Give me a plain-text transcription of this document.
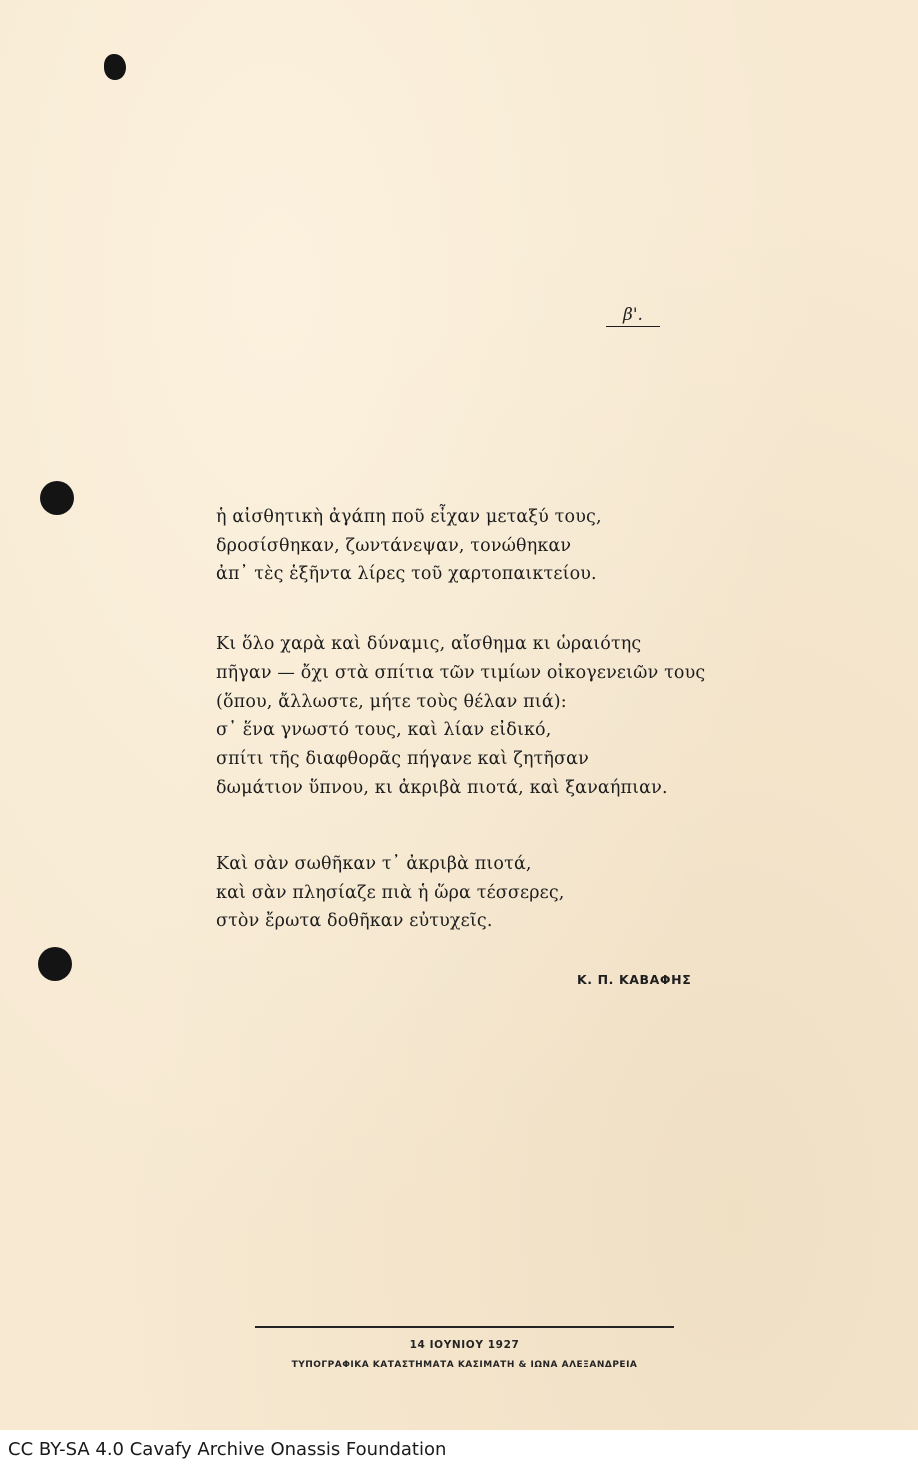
β'.
ἡ αἰσθητικὴ ἀγάπη ποῦ εἶχαν μεταξύ τους,
δροσίσθηκαν, ζωντάνεψαν, τονώθηκαν
ἀπ᾿ τὲς ἑξῆντα λίρες τοῦ χαρτοπαικτείου.
Κι ὅλο χαρὰ καὶ δύναμις, αἴσθημα κι ὡραιότης
πῆγαν — ὄχι στὰ σπίτια τῶν τιμίων οἰκογενειῶν τους
(ὅπου, ἄλλωστε, μήτε τοὺς θέλαν πιά):
σ᾿ ἕνα γνωστό τους, καὶ λίαν εἰδικό,
σπίτι τῆς διαφθορᾶς πήγανε καὶ ζητῆσαν
δωμάτιον ὕπνου, κι ἀκριβὰ πιοτά, καὶ ξαναήπιαν.
Καὶ σὰν σωθῆκαν τ᾿ ἀκριβὰ πιοτά,
καὶ σὰν πλησίαζε πιὰ ἡ ὥρα τέσσερες,
στὸν ἔρωτα δοθῆκαν εὐτυχεῖς.
Κ. Π. ΚΑΒΑΦΗΣ
14 ΙΟΥΝΙΟΥ 1927
ΤΥΠΟΓΡΑΦΙΚΑ ΚΑΤΑΣΤΗΜΑΤΑ ΚΑΣΙΜΑΤΗ & ΙΩΝΑ ΑΛΕΞΑΝΔΡΕΙΑ
CC BY-SA 4.0 Cavafy Archive Onassis Foundation
